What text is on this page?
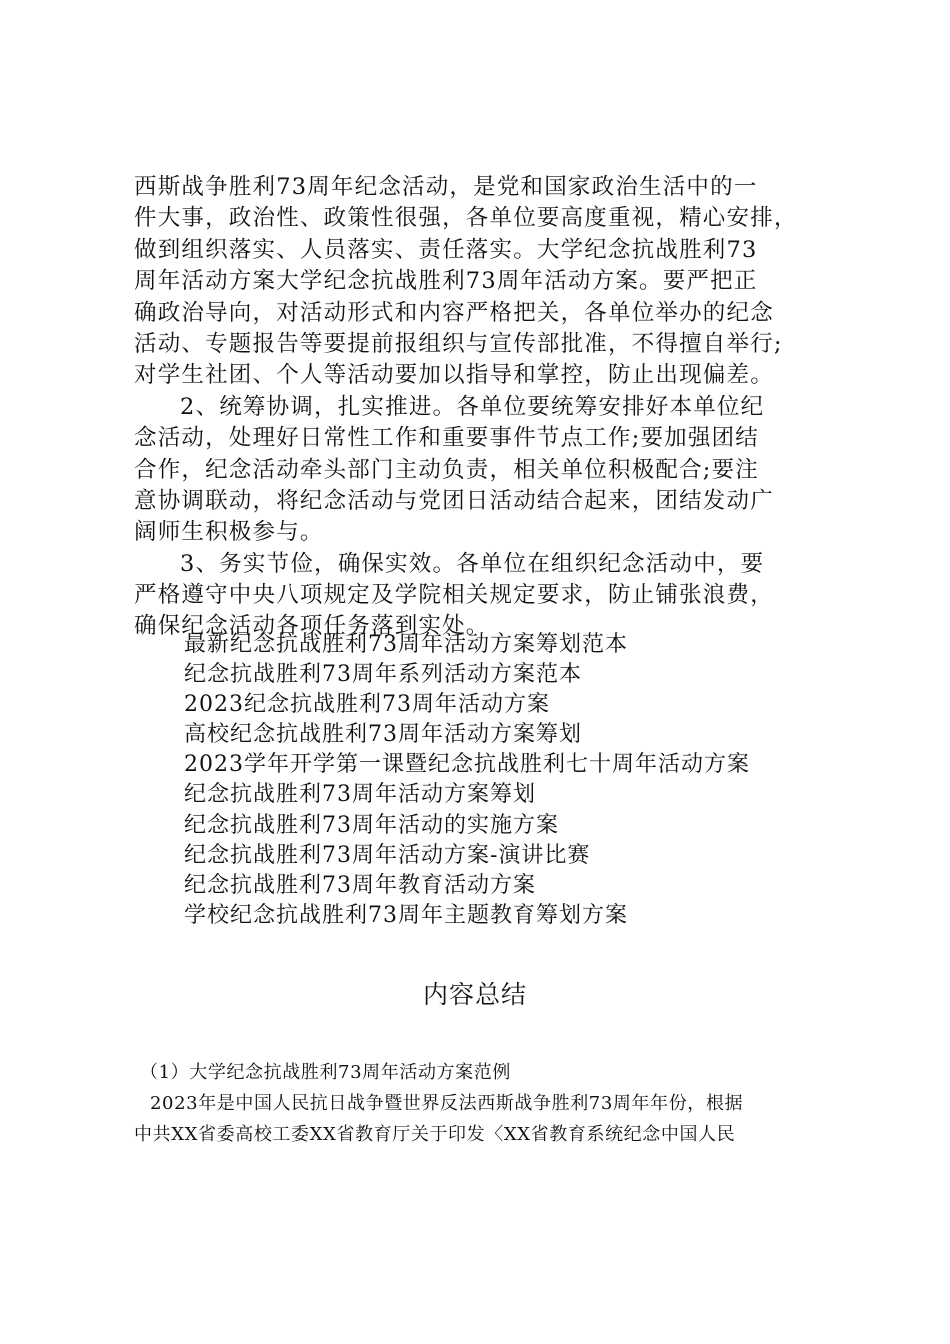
西斯战争胜利73周年纪念活动，是党和国家政治生活中的一
件大事，政治性、政策性很强，各单位要高度重视，精心安排，
做到组织落实、人员落实、责任落实。大学纪念抗战胜利73
周年活动方案大学纪念抗战胜利73周年活动方案。要严把正
确政治导向，对活动形式和内容严格把关，各单位举办的纪念
活动、专题报告等要提前报组织与宣传部批准，不得擅自举行;
对学生社团、个人等活动要加以指导和掌控，防止出现偏差。
2、统筹协调，扎实推进。各单位要统筹安排好本单位纪
念活动，处理好日常性工作和重要事件节点工作;要加强团结
合作，纪念活动牵头部门主动负责，相关单位积极配合;要注
意协调联动，将纪念活动与党团日活动结合起来，团结发动广
阔师生积极参与。
3、务实节俭，确保实效。各单位在组织纪念活动中，要
严格遵守中央八项规定及学院相关规定要求，防止铺张浪费，
确保纪念活动各项任务落到实处。
最新纪念抗战胜利73周年活动方案筹划范本
纪念抗战胜利73周年系列活动方案范本
2023纪念抗战胜利73周年活动方案
高校纪念抗战胜利73周年活动方案筹划
2023学年开学第一课暨纪念抗战胜利七十周年活动方案
纪念抗战胜利73周年活动方案筹划
纪念抗战胜利73周年活动的实施方案
纪念抗战胜利73周年活动方案-演讲比赛
纪念抗战胜利73周年教育活动方案
学校纪念抗战胜利73周年主题教育筹划方案
内容总结
（1）大学纪念抗战胜利73周年活动方案范例
2023年是中国人民抗日战争暨世界反法西斯战争胜利73周年年份，根据
中共XX省委高校工委XX省教育厅关于印发〈XX省教育系统纪念中国人民
